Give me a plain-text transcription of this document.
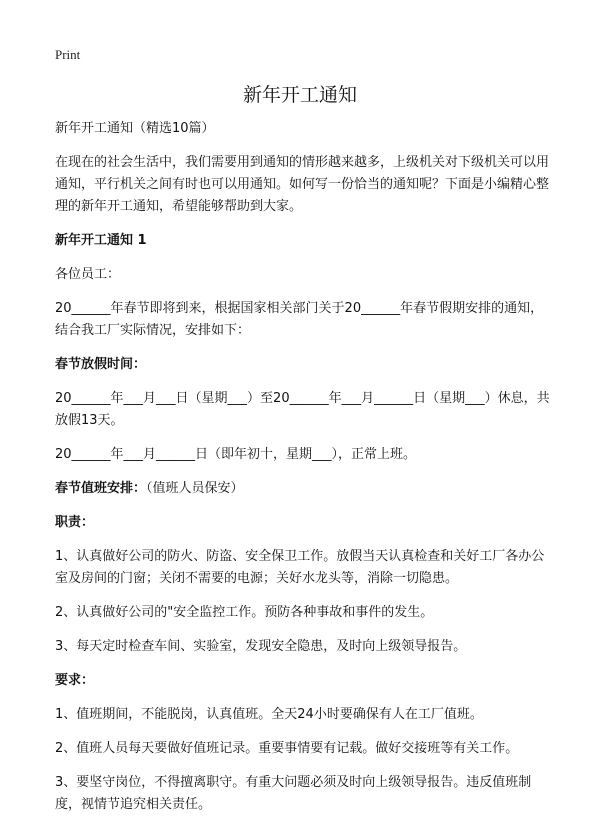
Print
新年开工通知

新年开工通知（精选10篇）

在现在的社会生活中，我们需要用到通知的情形越来越多，上级机关对下级机关可以用通知，平行机关之间有时也可以用通知。如何写一份恰当的通知呢？下面是小编精心整理的新年开工通知，希望能够帮助到大家。

新年开工通知 1

各位员工：

20______年春节即将到来，根据国家相关部门关于20______年春节假期安排的通知，结合我工厂实际情况，安排如下：

春节放假时间：

20______年___月___日（星期___）至20______年___月______日（星期___）休息，共放假13天。

20______年___月______日（即年初十，星期___），正常上班。

春节值班安排：（值班人员保安）

职责：

1、认真做好公司的防火、防盗、安全保卫工作。放假当天认真检查和关好工厂各办公室及房间的门窗；关闭不需要的电源；关好水龙头等，消除一切隐患。

2、认真做好公司的"安全监控工作。预防各种事故和事件的发生。

3、每天定时检查车间、实验室，发现安全隐患，及时向上级领导报告。

要求：

1、值班期间，不能脱岗，认真值班。全天24小时要确保有人在工厂值班。

2、值班人员每天要做好值班记录。重要事情要有记载。做好交接班等有关工作。

3、要坚守岗位，不得擅离职守。有重大问题必须及时向上级领导报告。违反值班制度，视情节追究相关责任。
